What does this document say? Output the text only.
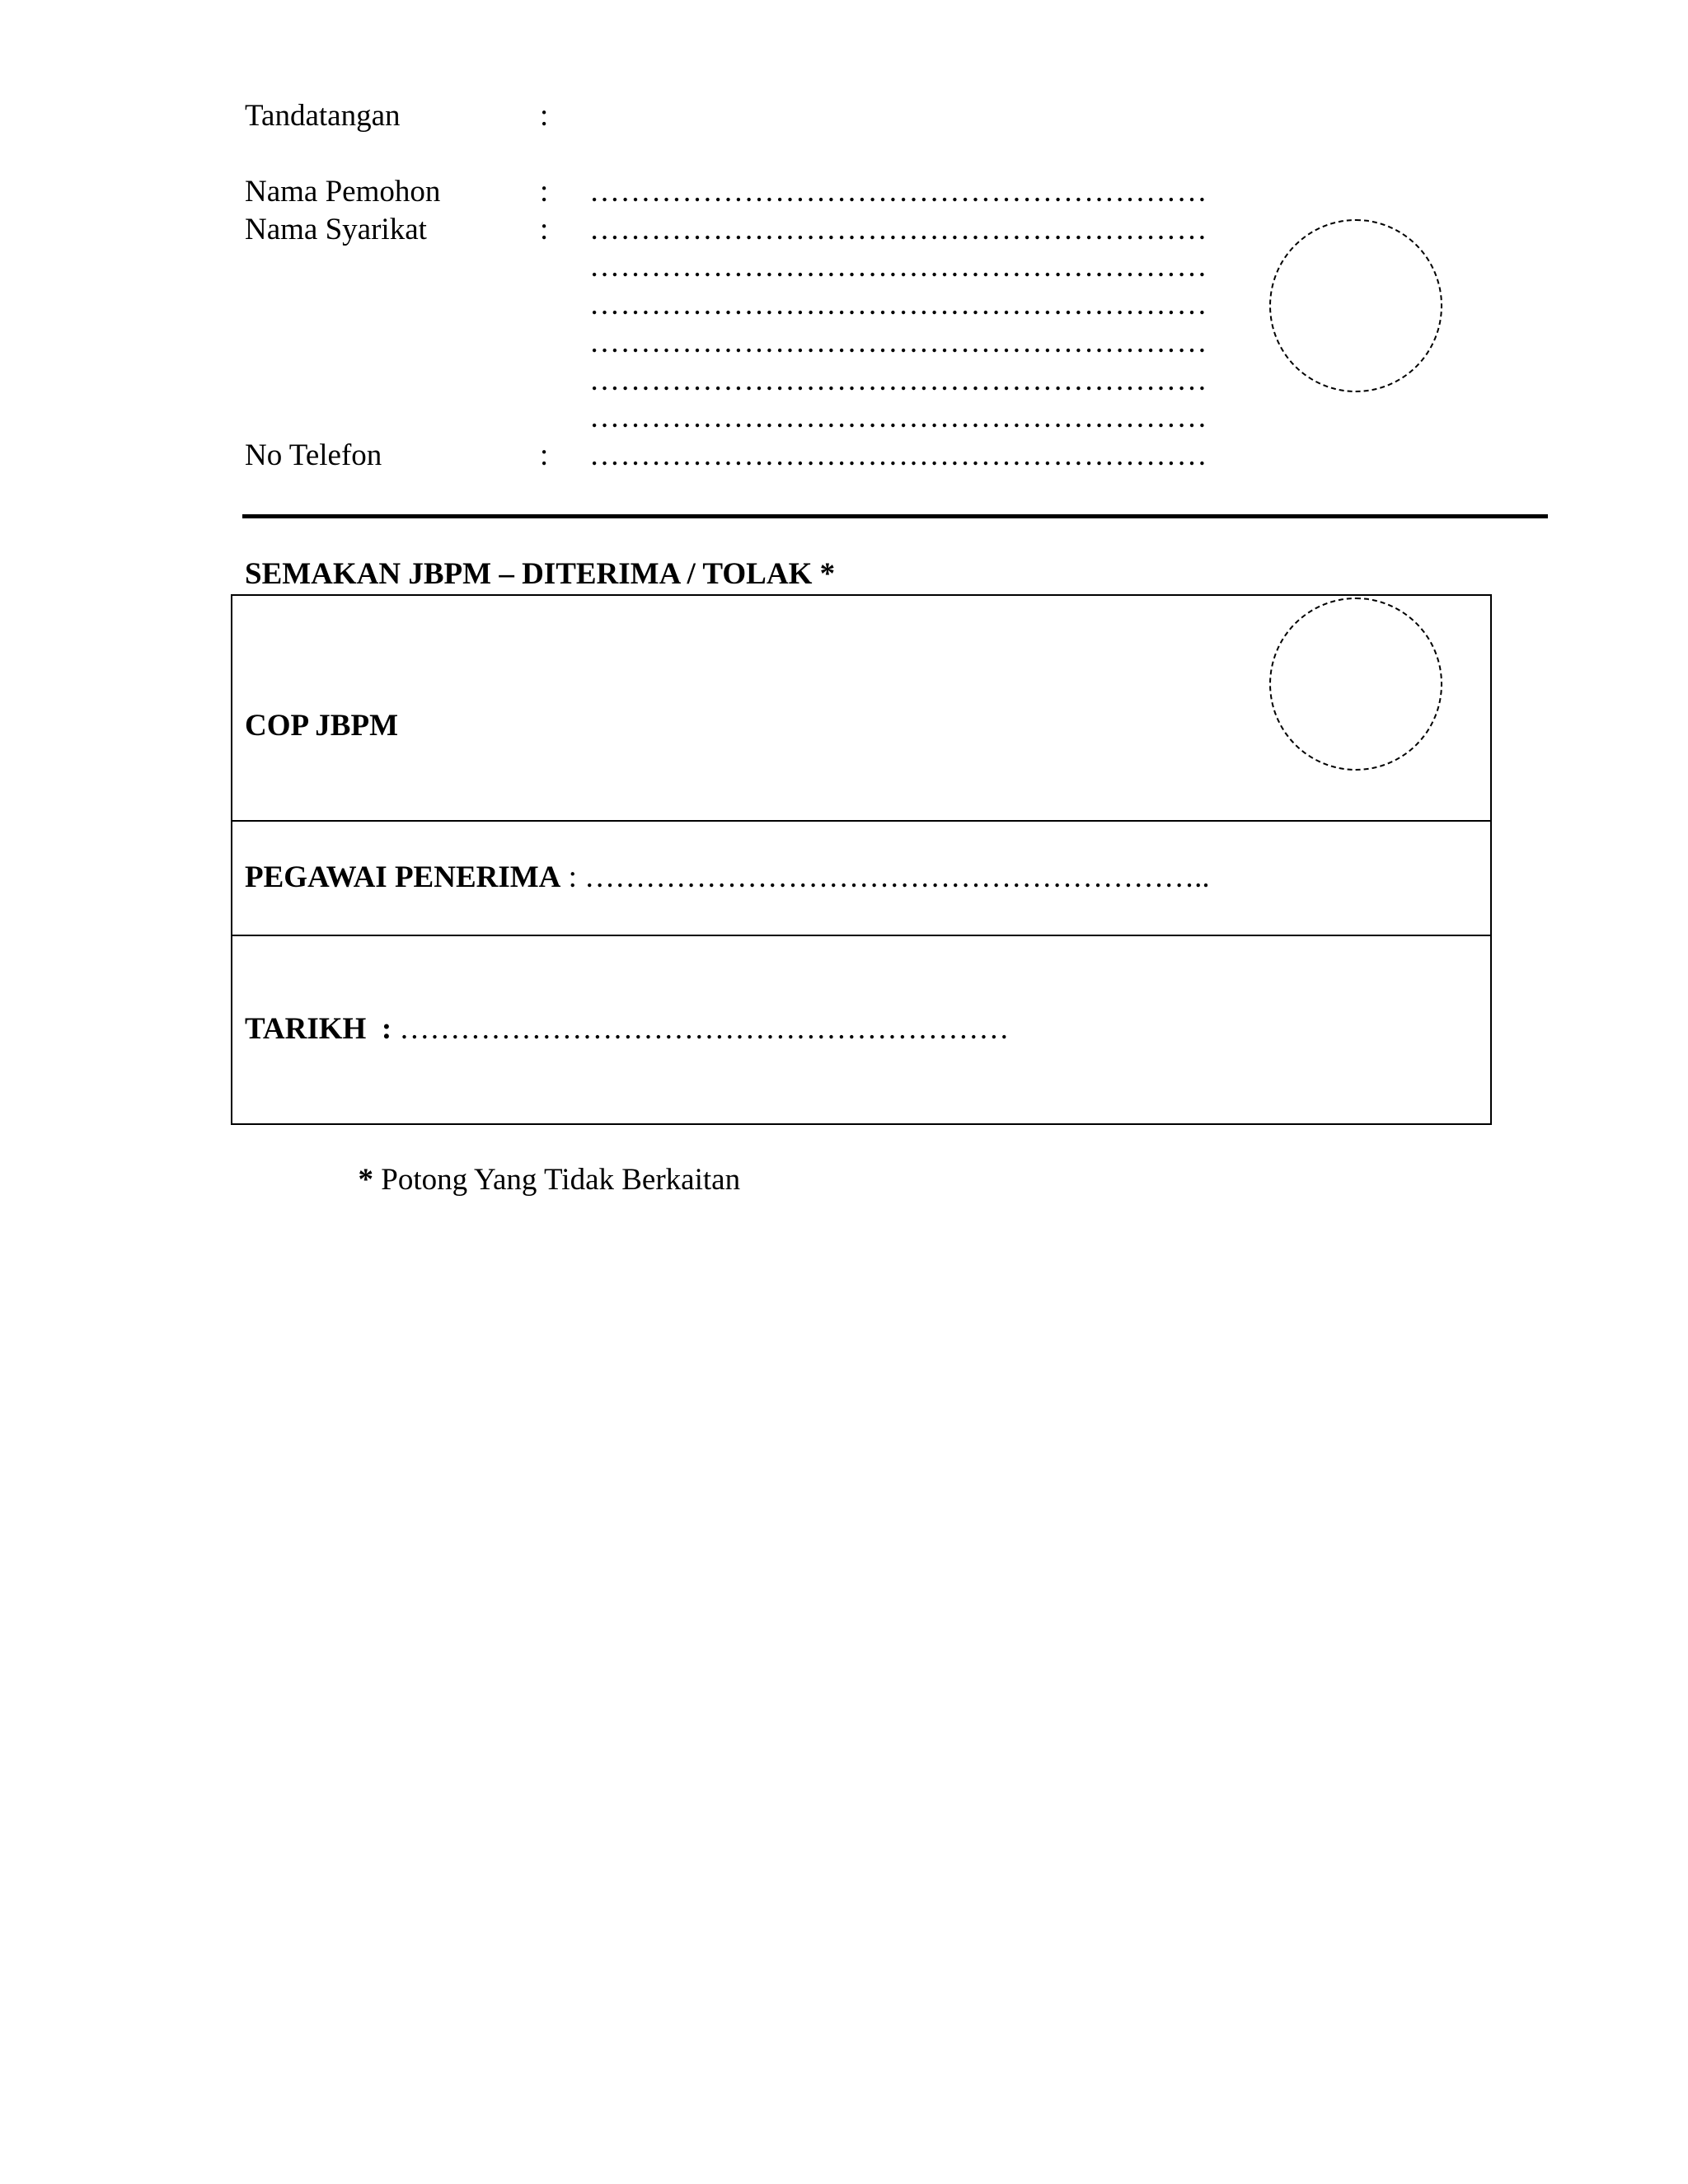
Tandatangan	:
Nama Pemohon	: ……………………………………………………
Nama Syarikat	: ……………………………………………………
……………………………………………………
……………………………………………………
……………………………………………………
……………………………………………………
……………………………………………………
No Telefon	: ……………………………………………………
SEMAKAN JBPM – DITERIMA / TOLAK *
COP JBPM
PEGAWAI PENERIMA : ……………………………………………………..
TARIKH  : ……………………………………………………

* Potong Yang Tidak Berkaitan
